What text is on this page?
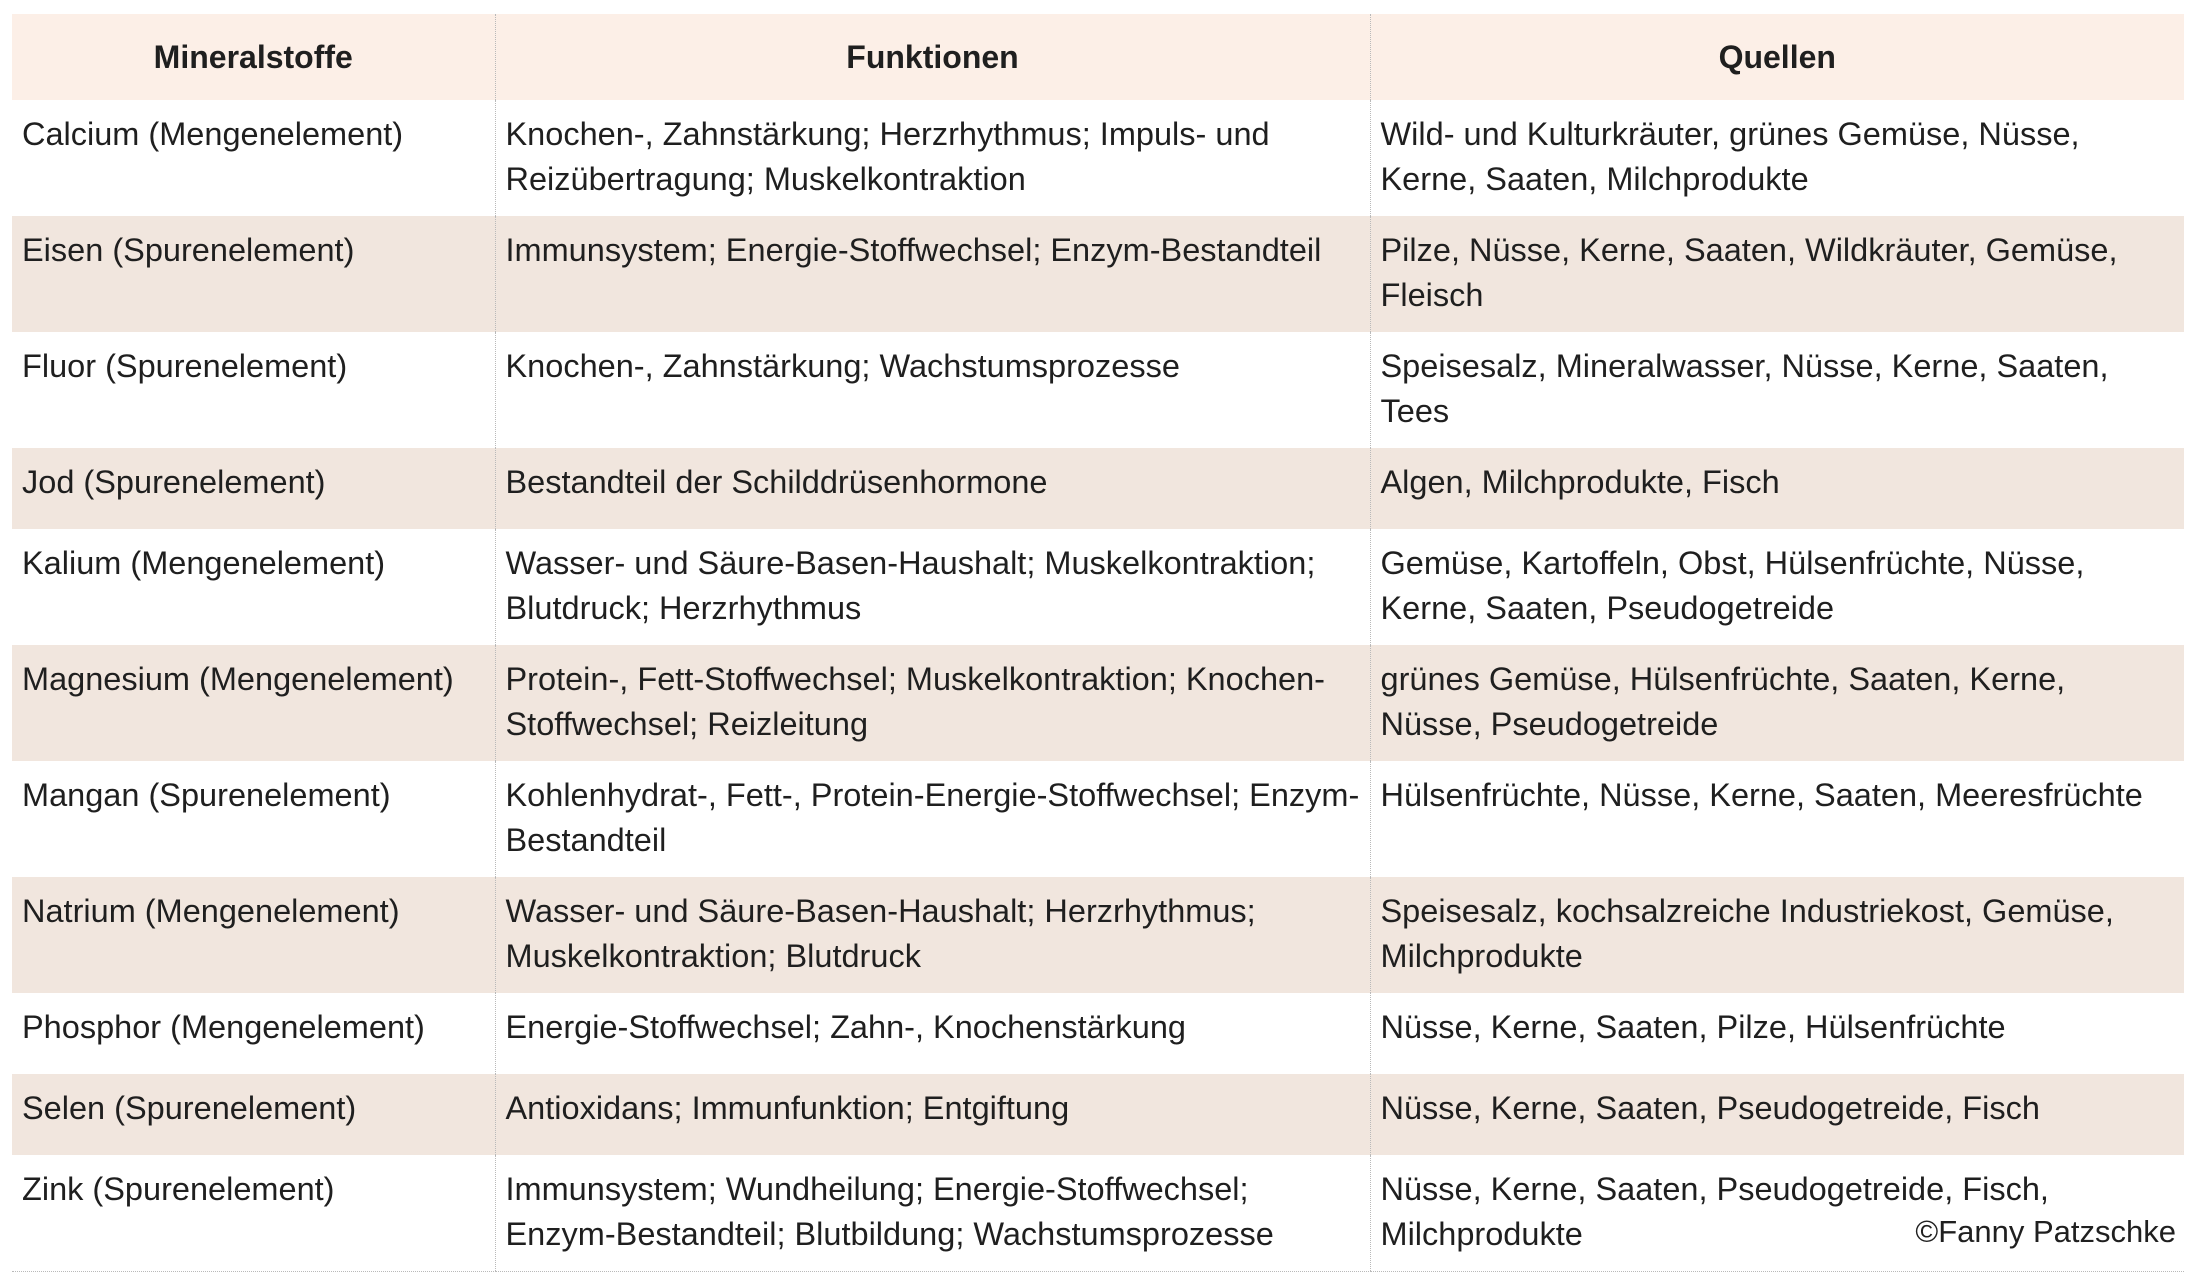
Mineralstoffe	Funktionen	Quellen
Calcium (Mengenelement)	Knochen-, Zahnstärkung; Herzrhythmus; Impuls- und Reizübertragung; Muskelkontraktion	Wild- und Kulturkräuter, grünes Gemüse, Nüsse, Kerne, Saaten, Milchprodukte
Eisen (Spurenelement)	Immunsystem; Energie-Stoffwechsel; Enzym-Bestandteil	Pilze, Nüsse, Kerne, Saaten, Wildkräuter, Gemüse, Fleisch
Fluor (Spurenelement)	Knochen-, Zahnstärkung; Wachstumsprozesse	Speisesalz, Mineralwasser, Nüsse, Kerne, Saaten, Tees
Jod (Spurenelement)	Bestandteil der Schilddrüsenhormone	Algen, Milchprodukte, Fisch
Kalium (Mengenelement)	Wasser- und Säure-Basen-Haushalt; Muskelkontraktion; Blutdruck; Herzrhythmus	Gemüse, Kartoffeln, Obst, Hülsenfrüchte, Nüsse, Kerne, Saaten, Pseudogetreide
Magnesium (Mengenelement)	Protein-, Fett-Stoffwechsel; Muskelkontraktion; Knochen-Stoffwechsel; Reizleitung	grünes Gemüse, Hülsenfrüchte, Saaten, Kerne, Nüsse, Pseudogetreide
Mangan (Spurenelement)	Kohlenhydrat-, Fett-, Protein-Energie-Stoffwechsel; Enzym-Bestandteil	Hülsenfrüchte, Nüsse, Kerne, Saaten, Meeresfrüchte
Natrium (Mengenelement)	Wasser- und Säure-Basen-Haushalt; Herzrhythmus; Muskelkontraktion; Blutdruck	Speisesalz, kochsalzreiche Industriekost, Gemüse, Milchprodukte
Phosphor (Mengenelement)	Energie-Stoffwechsel; Zahn-, Knochenstärkung	Nüsse, Kerne, Saaten, Pilze, Hülsenfrüchte
Selen (Spurenelement)	Antioxidans; Immunfunktion; Entgiftung	Nüsse, Kerne, Saaten, Pseudogetreide, Fisch
Zink (Spurenelement)	Immunsystem; Wundheilung; Energie-Stoffwechsel; Enzym-Bestandteil; Blutbildung; Wachstumsprozesse	Nüsse, Kerne, Saaten, Pseudogetreide, Fisch, Milchprodukte	©Fanny Patzschke
